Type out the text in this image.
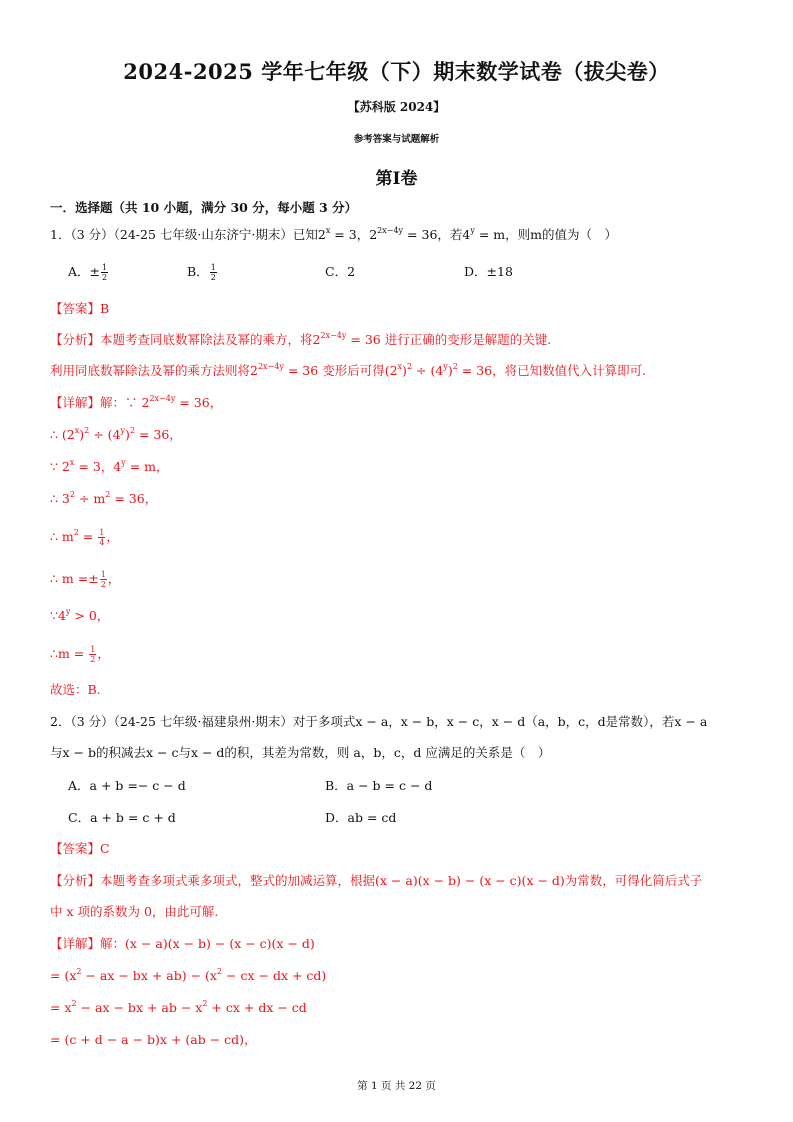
2024-2025 学年七年级（下）期末数学试卷（拔尖卷）
【苏科版 2024】
参考答案与试题解析
第Ⅰ卷
一．选择题（共 10 小题，满分 30 分，每小题 3 分）
1．（3 分）（24-25 七年级·山东济宁·期末）已知$2^x = 3$，$2^{2x-4y} = 36$，若$4^y = m$，则m的值为（　）
A．± $\frac{1}{2}$	B． $\frac{1}{2}$	C．2	D．±18
【答案】B
【分析】本题考查同底数幂除法及幂的乘方，将$2^{2x-4y} = 36$ 进行正确的变形是解题的关键.
利用同底数幂除法及幂的乘方法则将$2^{2x-4y} = 36$ 变形后可得$(2^x)^2 \div (4^y)^2 = 36$，将已知数值代入计算即可.
【详解】解：∵ $2^{2x-4y} = 36$，
∴ $(2^x)^2 \div (4^y)^2 = 36$，
∵ $2^x = 3$，$4^y = m$，
∴ $3^2 \div m^2 = 36$，
∴ $m^2 = \frac{1}{4}$ ，
∴ $m =\pm \frac{1}{2}$ ，
$\because 4^y > 0$，
∴m = $\frac{1}{2}$ ，
故选：B.
2．（3 分）（24-25 七年级·福建泉州·期末）对于多项式x − a，x − b，x − c，x − d（a，b，c，d是常数），若x − a
与x − b的积减去x − c与x − d的积，其差为常数，则 a，b，c，d 应满足的关系是（　）
A．a + b =− c − d	B．a − b = c − d
C．a + b = c + d	D．ab = cd
【答案】C
【分析】本题考查多项式乘多项式，整式的加减运算，根据(x − a)(x − b) − (x − c)(x − d)为常数，可得化简后式子
中 x 项的系数为 0，由此可解.
【详解】解：(x − a)(x − b) − (x − c)(x − d)
= ($x^2$ − ax − bx + $ab) - (x^2$ − cx − dx + cd)
= $x^2$ − ax − bx + ab − $x^2$ + cx + dx − cd
= (c + d − a − b)x + (ab − cd)，
第 1 页 共 22 页
